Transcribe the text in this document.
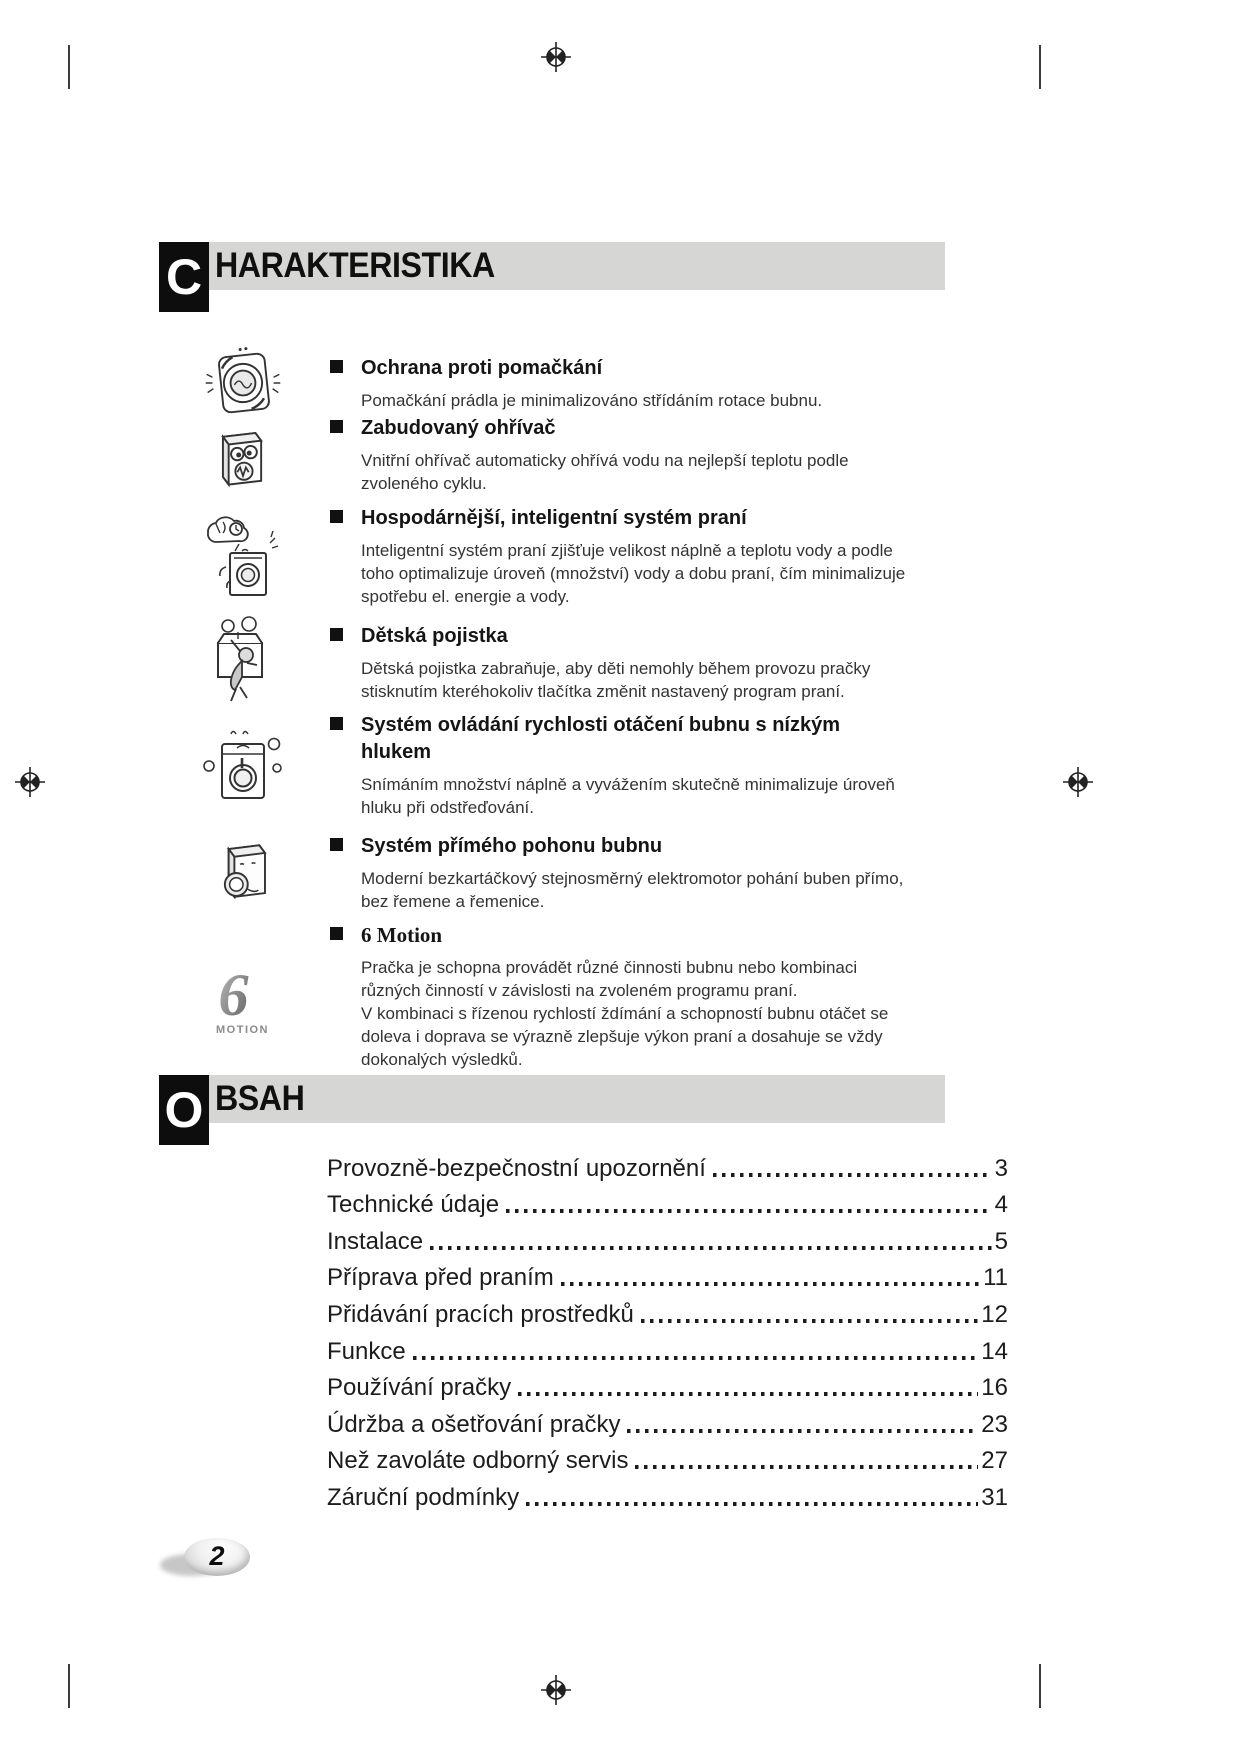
C HARAKTERISTIKA
Ochrana proti pomačkání

Pomačkání prádla je minimalizováno střídáním rotace bubnu.

Zabudovaný ohřívač

Vnitřní ohřívač automaticky ohřívá vodu na nejlepší teplotu podle zvoleného cyklu.

Hospodárnější, inteligentní systém praní

Inteligentní systém praní zjišťuje velikost náplně a teplotu vody a podle toho optimalizuje úroveň (množství) vody a dobu praní, čím minimalizuje spotřebu el. energie a vody.

Dětská pojistka

Dětská pojistka zabraňuje, aby děti nemohly během provozu pračky stisknutím kteréhokoliv tlačítka změnit nastavený program praní.

Systém ovládání rychlosti otáčení bubnu s nízkým hlukem

Snímáním množství náplně a vyvážením skutečně minimalizuje úroveň hluku při odstřeďování.

Systém přímého pohonu bubnu

Moderní bezkartáčkový stejnosměrný elektromotor pohání buben přímo, bez řemene a řemenice.

6
MOTION
6 Motion

Pračka je schopna provádět různé činnosti bubnu nebo kombinaci různých činností v závislosti na zvoleném programu praní.

V kombinaci s řízenou rychlostí ždímání a schopností bubnu otáčet se doleva i doprava se výrazně zlepšuje výkon praní a dosahuje se vždy dokonalých výsledků.

O BSAH
Provozně-bezpečnostní upozornění	3
Technické údaje	4
Instalace	5
Příprava před praním	11
Přidávání pracích prostředků	12
Funkce	14
Používání pračky	16
Údržba a ošetřování pračky	23
Než zavoláte odborný servis	27
Záruční podmínky	31
2
